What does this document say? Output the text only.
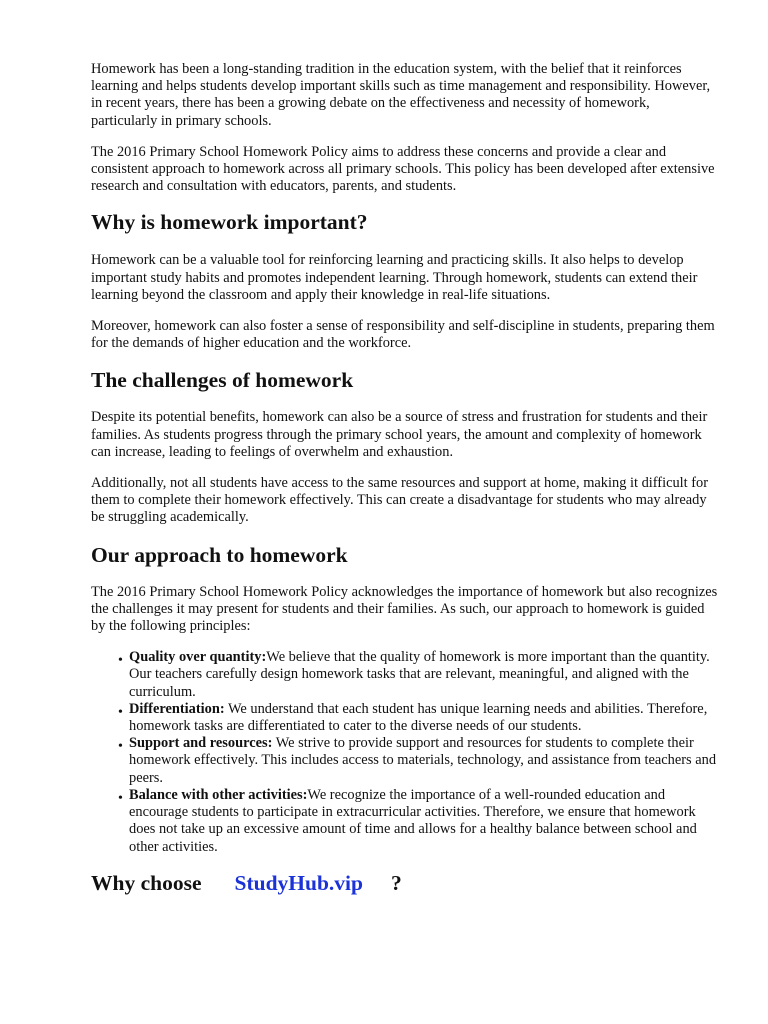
Homework has been a long-standing tradition in the education system, with the belief that it reinforces learning and helps students develop important skills such as time management and responsibility. However, in recent years, there has been a growing debate on the effectiveness and necessity of homework, particularly in primary schools.

The 2016 Primary School Homework Policy aims to address these concerns and provide a clear and consistent approach to homework across all primary schools. This policy has been developed after extensive research and consultation with educators, parents, and students.

Why is homework important?

Homework can be a valuable tool for reinforcing learning and practicing skills. It also helps to develop important study habits and promotes independent learning. Through homework, students can extend their learning beyond the classroom and apply their knowledge in real-life situations.

Moreover, homework can also foster a sense of responsibility and self-discipline in students, preparing them for the demands of higher education and the workforce.

The challenges of homework

Despite its potential benefits, homework can also be a source of stress and frustration for students and their families. As students progress through the primary school years, the amount and complexity of homework can increase, leading to feelings of overwhelm and exhaustion.

Additionally, not all students have access to the same resources and support at home, making it difficult for them to complete their homework effectively. This can create a disadvantage for students who may already be struggling academically.

Our approach to homework

The 2016 Primary School Homework Policy acknowledges the importance of homework but also recognizes the challenges it may present for students and their families. As such, our approach to homework is guided by the following principles:

• Quality over quantity:We believe that the quality of homework is more important than the quantity. Our teachers carefully design homework tasks that are relevant, meaningful, and aligned with the curriculum.
• Differentiation: We understand that each student has unique learning needs and abilities. Therefore, homework tasks are differentiated to cater to the diverse needs of our students.
• Support and resources: We strive to provide support and resources for students to complete their homework effectively. This includes access to materials, technology, and assistance from teachers and peers.
• Balance with other activities:We recognize the importance of a well-rounded education and encourage students to participate in extracurricular activities. Therefore, we ensure that homework does not take up an excessive amount of time and allows for a healthy balance between school and other activities.
Why choose StudyHub.vip ?
